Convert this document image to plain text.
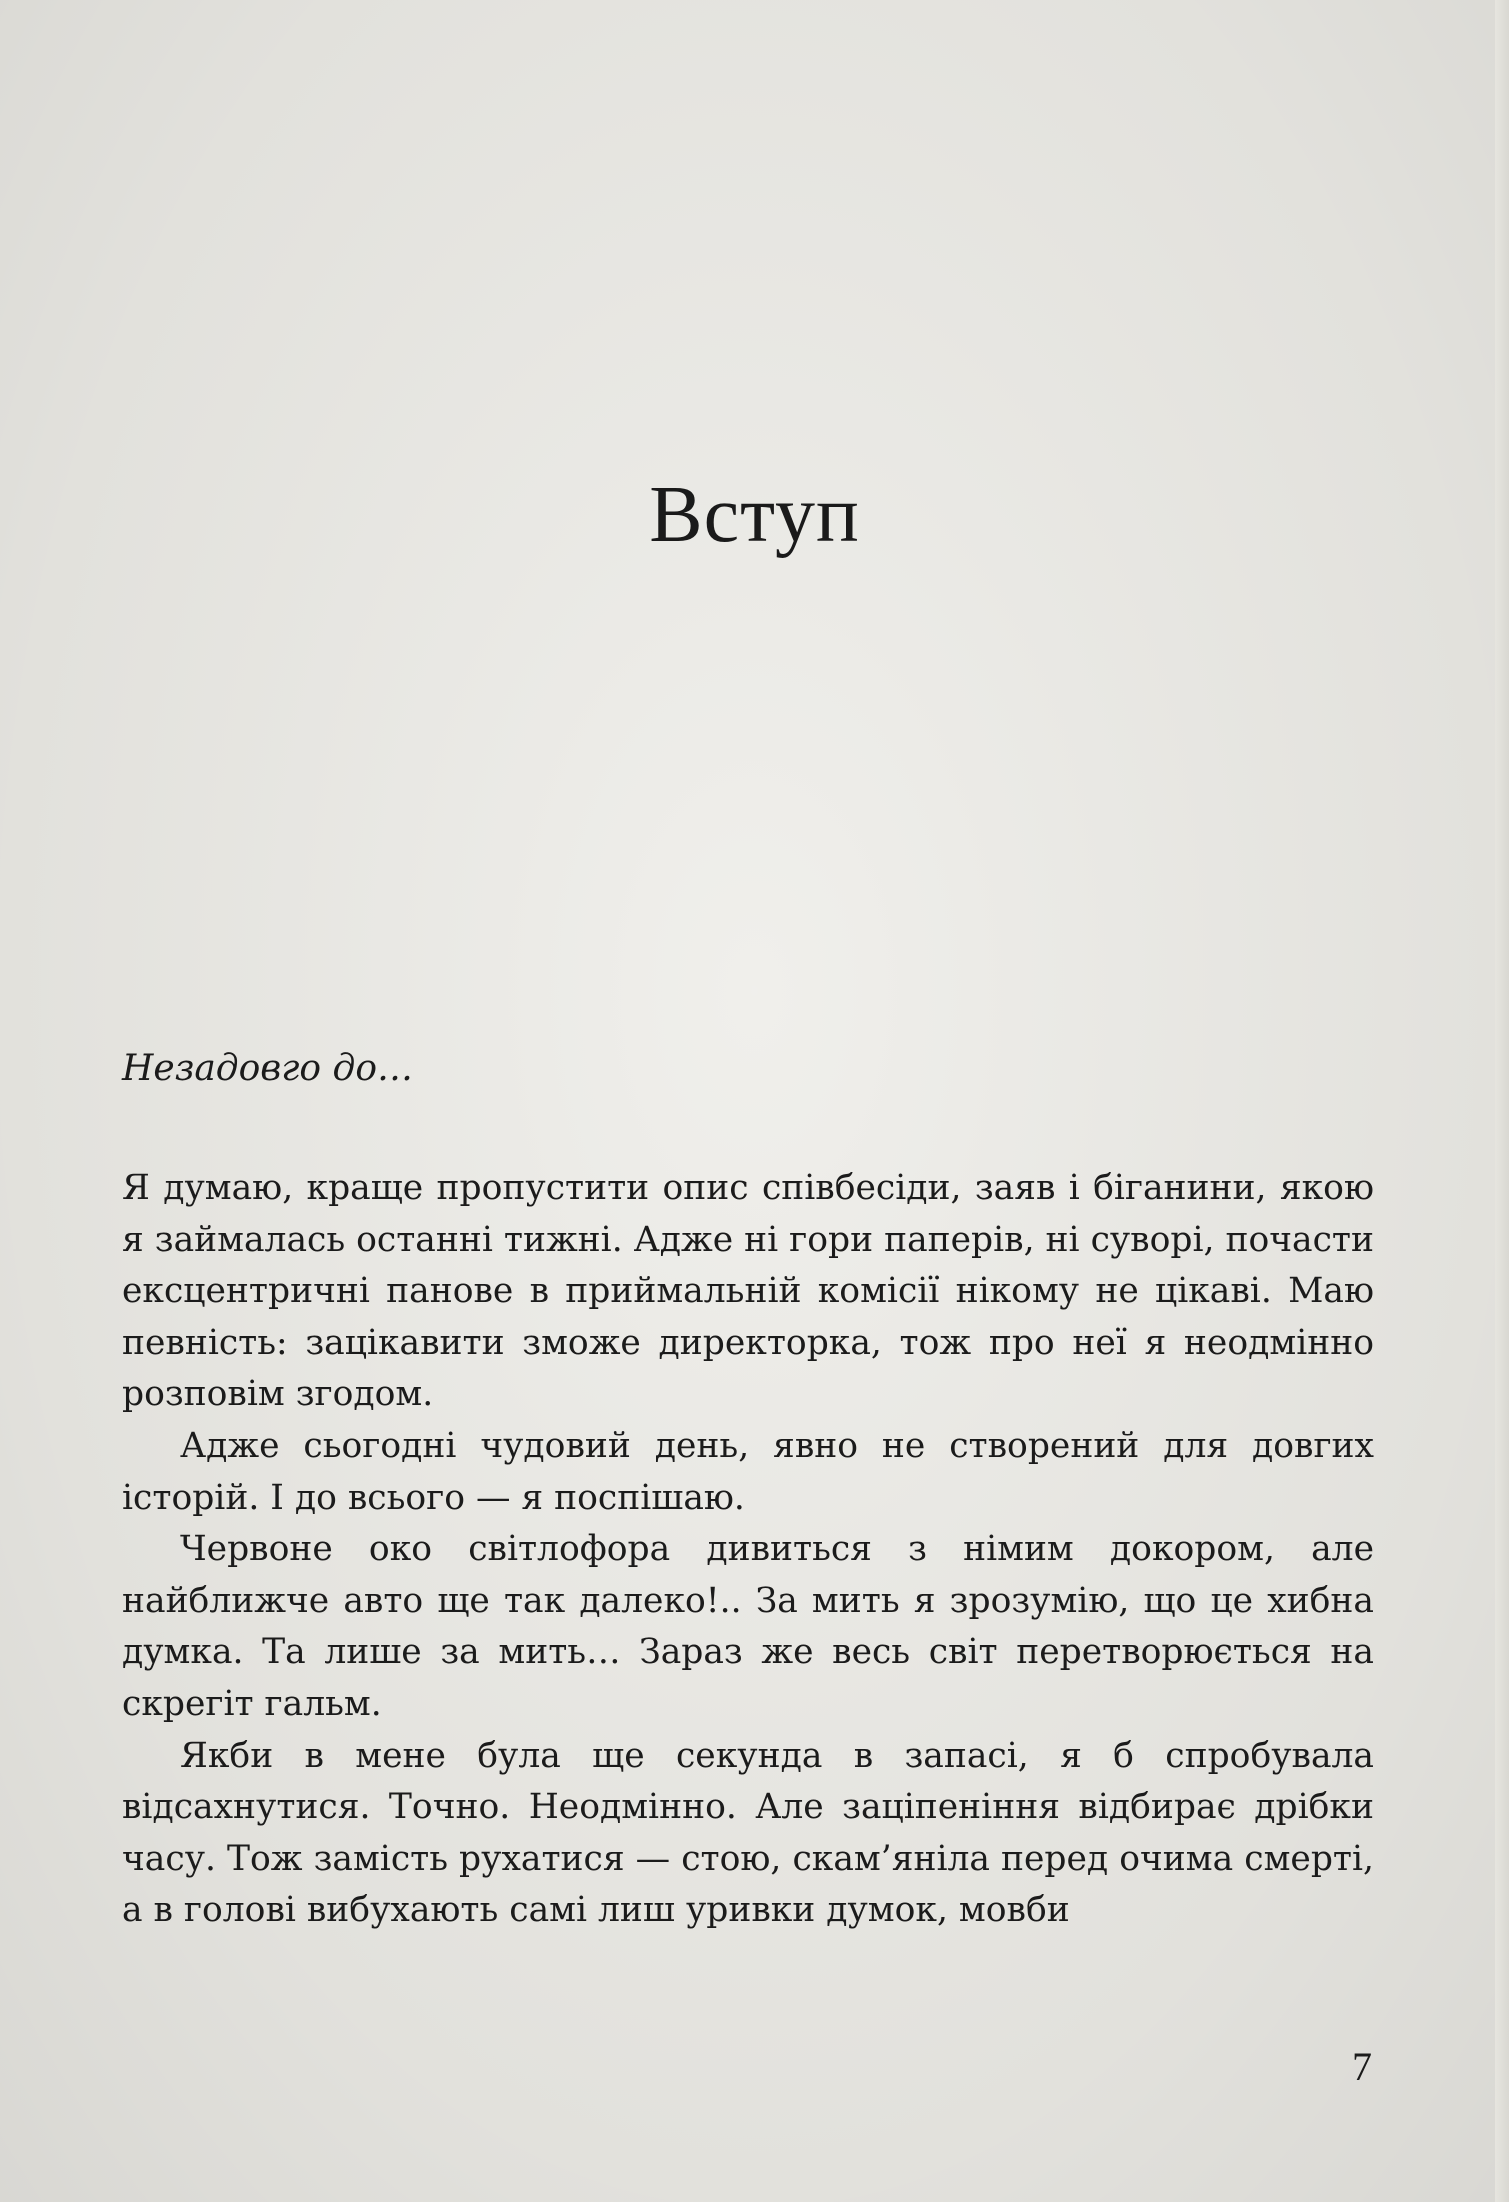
Вступ

Незадовго до…

Я думаю, краще пропустити опис співбесіди, заяв і біганини, якою я займалась останні тижні. Адже ні гори паперів, ні суворі, почасти ексцентричні панове в приймальній комісії нікому не цікаві. Маю певність: зацікавити зможе директорка, тож про неї я неодмінно розповім згодом.

Адже сьогодні чудовий день, явно не створений для довгих історій. І до всього — я поспішаю.

Червоне око світлофора дивиться з німим докором, але найближче авто ще так далеко!.. За мить я зрозумію, що це хибна думка. Та лише за мить… Зараз же весь світ перетворюється на скрегіт гальм.

Якби в мене була ще секунда в запасі, я б спробувала відсахнутися. Точно. Неодмінно. Але заціпеніння відбирає дрібки часу. Тож замість рухатися — стою, скам’яніла перед очима смерті, а в голові вибухають самі лиш уривки думок, мовби

7
